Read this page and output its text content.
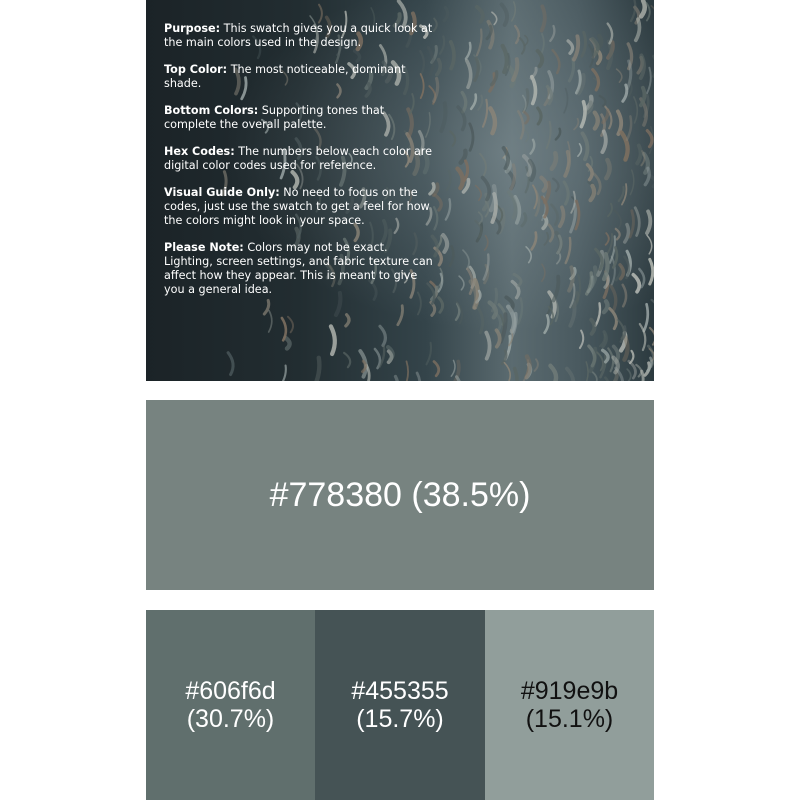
Purpose: This swatch gives you a quick look at the main colors used in the design.

Top Color: The most noticeable, dominant shade.

Bottom Colors: Supporting tones that complete the overall palette.

Hex Codes: The numbers below each color are digital color codes used for reference.

Visual Guide Only: No need to focus on the codes, just use the swatch to get a feel for how the colors might look in your space.

Please Note: Colors may not be exact. Lighting, screen settings, and fabric texture can affect how they appear. This is meant to give you a general idea.

#778380 (38.5%)
#606f6d
(30.7%)
#455355
(15.7%)
#919e9b
(15.1%)
